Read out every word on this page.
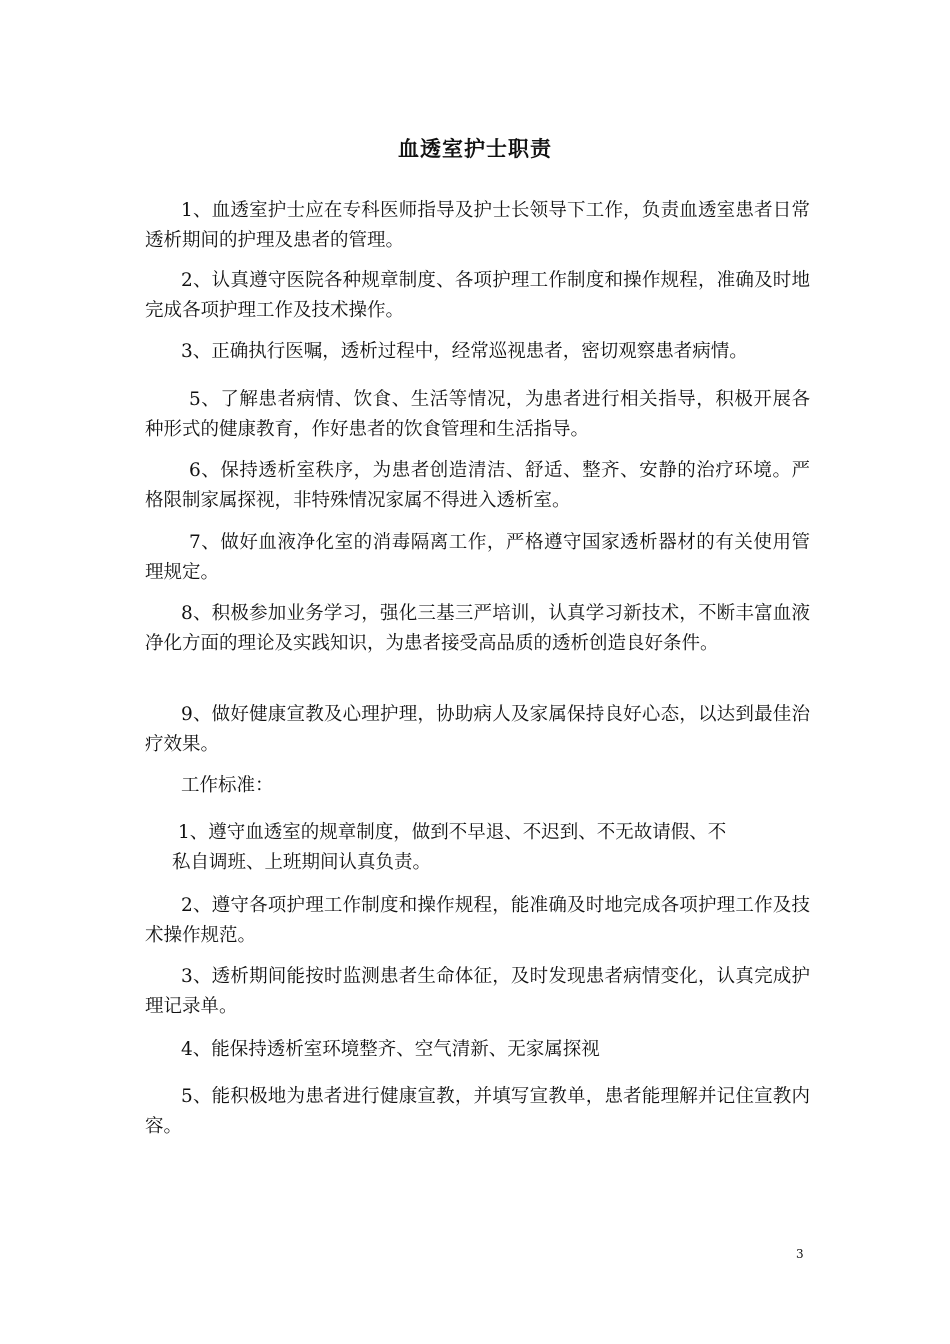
血透室护士职责

1、血透室护士应在专科医师指导及护士长领导下工作，负责血透室患者日常透析期间的护理及患者的管理。

2、认真遵守医院各种规章制度、各项护理工作制度和操作规程，准确及时地完成各项护理工作及技术操作。

3、正确执行医嘱，透析过程中，经常巡视患者，密切观察患者病情。

5、了解患者病情、饮食、生活等情况，为患者进行相关指导，积极开展各种形式的健康教育，作好患者的饮食管理和生活指导。

6、保持透析室秩序，为患者创造清洁、舒适、整齐、安静的治疗环境。严格限制家属探视，非特殊情况家属不得进入透析室。

7、做好血液净化室的消毒隔离工作，严格遵守国家透析器材的有关使用管理规定。

8、积极参加业务学习，强化三基三严培训，认真学习新技术，不断丰富血液净化方面的理论及实践知识，为患者接受高品质的透析创造良好条件。

9、做好健康宣教及心理护理，协助病人及家属保持良好心态，以达到最佳治疗效果。

工作标准：

1、遵守血透室的规章制度，做到不早退、不迟到、不无故请假、不
私自调班、上班期间认真负责。

2、遵守各项护理工作制度和操作规程，能准确及时地完成各项护理工作及技术操作规范。

3、透析期间能按时监测患者生命体征，及时发现患者病情变化，认真完成护理记录单。

4、能保持透析室环境整齐、空气清新、无家属探视

5、能积极地为患者进行健康宣教，并填写宣教单，患者能理解并记住宣教内容。

3
